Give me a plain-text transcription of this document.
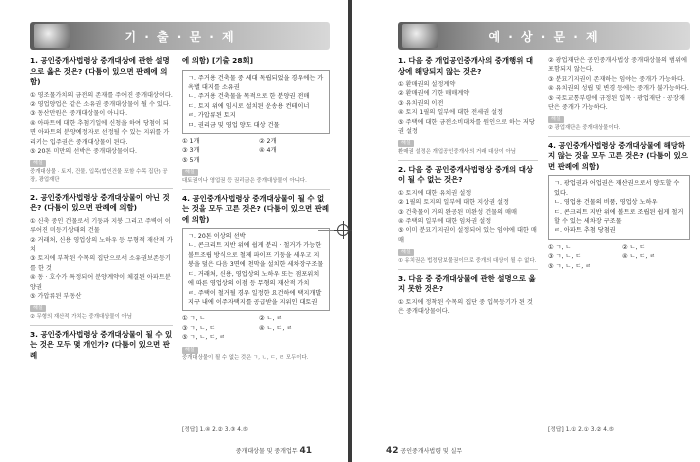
기 · 출 · 문 · 제
1. 공인중개사법령상 중개대상에 관한 설명으로 옳은 것은? (다툼이 있으면 판례에 의함)
① 영조물가치의 금전의 존재를 주어진 중개대상이다.
② 영업양업은 같은 소유권 중개대상물이 될 수 있다.
③ 동산만원은 중개대상물이 아니다.
④ 아파트에 대한 추첨기일에 신청을 하여 당첨이 되면 아파트의 분양예정자로 선정될 수 있는 지위를 가리키는 입주권은 중개대상물이 된다.
⑤ 20톤 미만의 선박은 중개대상물이다.
해설
중개대상물 · 토지, 건물, 입목(법인건물 포함 수목 집단) 공장, 광업재단
2. 공인중개사법령상 중개대상물이 아닌 것은? (다툼이 있으면 판례에 의함)
① 신축 중인 건물로서 기둥과 지붕 그리고 주벽이 이루어진 미등기상태의 건물
② 거래처, 신용 영업상의 노하우 등 무형적 재산적 가치
③ 토지에 부착된 수목의 집단으로서 소유권보존등기를 한 것
④ 동 · 호수가 특정되어 분양계약이 체결된 아파트분양권
⑤ 가압류된 부동산
해설
② 무형의 재산적 가치는 중개대상물이 아님
3. 공인중개사법령상 중개대상물이 될 수 있는 것은 모두 몇 개인가? (다툼이 있으면 판례
에 의함) [기출 28회]
ㄱ. 주거용 건축물 중 세대 독립되었을 경우에는 가옥별 대지를 소유권
ㄴ. 주거용 건축물을 목적으로 한 분양권 전매
ㄷ. 토지 위에 임시로 설치된 운송용 컨테이너
ㄹ. 가압류된 토지
ㅁ. 권리금 및 영업 양도 대상 건물
① 1개	② 2개
③ 3개	④ 4개
⑤ 5개
해설
대토권이나 영업권 등 권리금은 중개대상물이 아니다.
4. 공인중개사법령상 중개대상물이 될 수 없는 것을 모두 고른 것은? (다툼이 있으면 판례에 의함)
ㄱ. 20톤 이상의 선박
ㄴ. 콘크리트 지반 위에 쉽게 분리 · 철거가 가능한 볼트조립 방식으로 철제 파이프 기둥을 세우고 지붕을 덮은 다음 3면에 천막을 설치한 세차장구조물
ㄷ. 거래처, 신용, 영업상의 노하우 또는 점포위치에 따른 영업상의 이점 등 무형의 재산적 가치
ㄹ. 주택이 철거될 경우 일정한 요건하에 택지개발지구 내에 이주자택지를 공급받을 지위인 대토권
① ㄱ, ㄴ	② ㄴ, ㄹ
③ ㄱ, ㄴ, ㄷ	④ ㄴ, ㄷ, ㄹ
⑤ ㄱ, ㄴ, ㄷ, ㄹ
해설
중개대상물이 될 수 없는 것은 ㄱ, ㄴ, ㄷ, ㄹ 모두이다.
[정답] 1.④ 2.② 3.③ 4.⑤
중개대상물 및 중개업무 41
예 · 상 · 문 · 제
1. 다음 중 개업공인중개사의 중개행위 대상에 해당되지 않는 것은?
① 환매권의 설정계약
② 환매권에 기한 매매계약
③ 유치권의 이전
④ 토지 1필의 일부에 대한 전세권 설정
⑤ 주택에 대한 금전소비대차를 원인으로 하는 저당권 설정
해설
환매권 설정은 개업공인중개사의 거래 대상이 아님
2. 다음 중 공인중개사법령상 중개의 대상이 될 수 없는 것은?
① 토지에 대한 유치권 설정
② 1필의 토지의 일부에 대한 지상권 설정
③ 건축물이 거의 완공된 미완성 건물의 매매
④ 주택의 일부에 대한 임차권 설정
⑤ 이미 분묘기지권이 설정되어 있는 임야에 대한 매매
해설
① 유치권은 법정담보물권이므로 중개의 대상이 될 수 없다.
3. 다음 중 중개대상물에 관한 설명으로 옳지 못한 것은?
① 토지에 정착된 수목의 집단 중 입목등기가 된 것은 중개대상물이다.
② 광업재단은 공인중개사법상 중개대상물의 범위에 포함되지 않는다.
③ 분묘기지권이 존재하는 임야는 중개가 가능하다.
④ 유치권의 성립 및 변경 등에는 중개가 불가능하다.
⑤ 국토교통부령에 규정된 입목 · 광업재단 · 공장재단은 중개가 가능하다.
해설
② 광업재단은 중개대상물이다.
4. 공인중개사법령상 중개대상물에 해당하지 않는 것을 모두 고른 것은? (다툼이 있으면 판례에 의함)
ㄱ. 광업권과 어업권은 재산권으로서 양도할 수 있다.
ㄴ. 영업용 건물의 비품, 영업상 노하우
ㄷ. 콘크리트 지반 위에 볼트로 조립된 쉽게 철거할 수 있는 세차장 구조물
ㄹ. 아파트 추첨 당첨권
① ㄱ, ㄴ	② ㄴ, ㄷ
③ ㄱ, ㄴ, ㄷ	④ ㄴ, ㄷ, ㄹ
⑤ ㄱ, ㄴ, ㄷ, ㄹ
[정답] 1.① 2.① 3.② 4.⑤
42 공인중개사법령 및 실무
